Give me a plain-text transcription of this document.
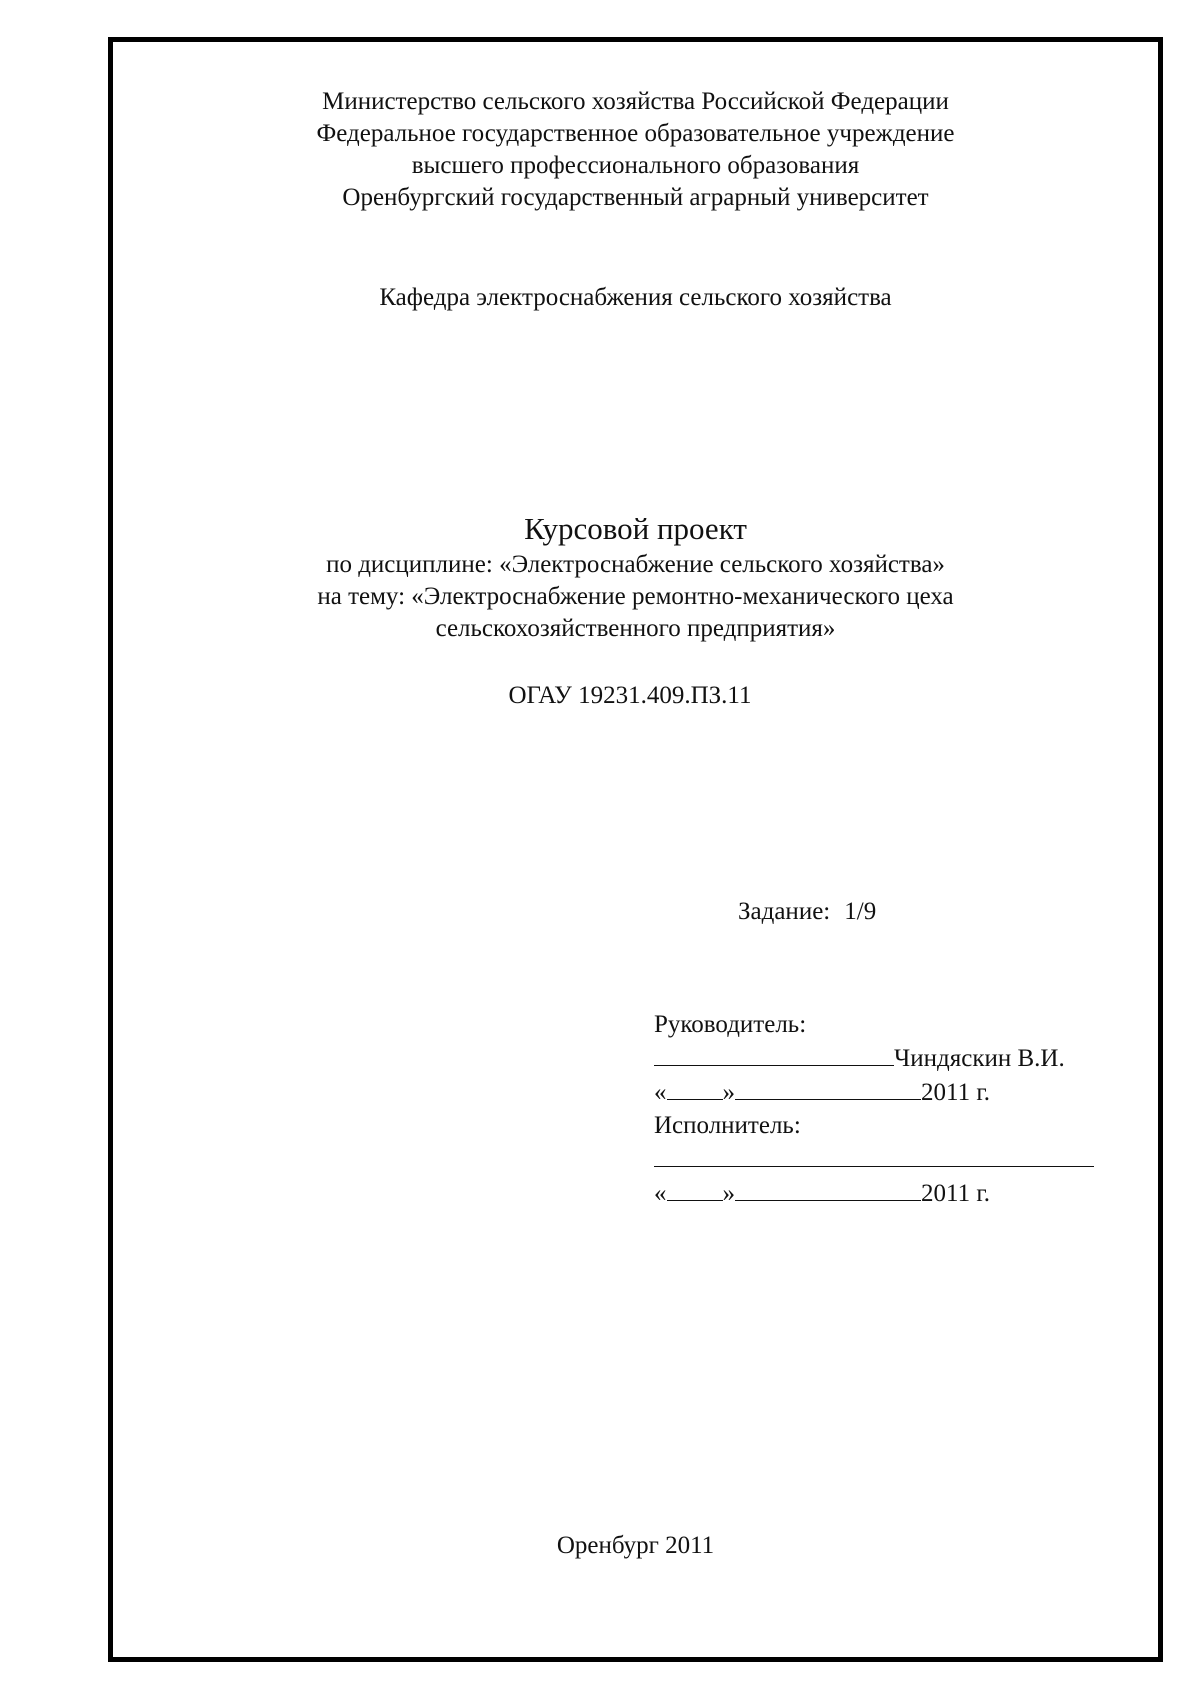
Министерство сельского хозяйства Российской Федерации
Федеральное государственное образовательное учреждение
высшего профессионального образования
Оренбургский государственный аграрный университет
Кафедра электроснабжения сельского хозяйства
Курсовой проект
по дисциплине: «Электроснабжение сельского хозяйства»
на тему: «Электроснабжение ремонтно-механического цеха
сельскохозяйственного предприятия»
ОГАУ 19231.409.ПЗ.11
Задание: 1/9
Руководитель:
Чиндяскин В.И.
« »	2011 г.
Исполнитель:
« »	2011 г.
Оренбург 2011
